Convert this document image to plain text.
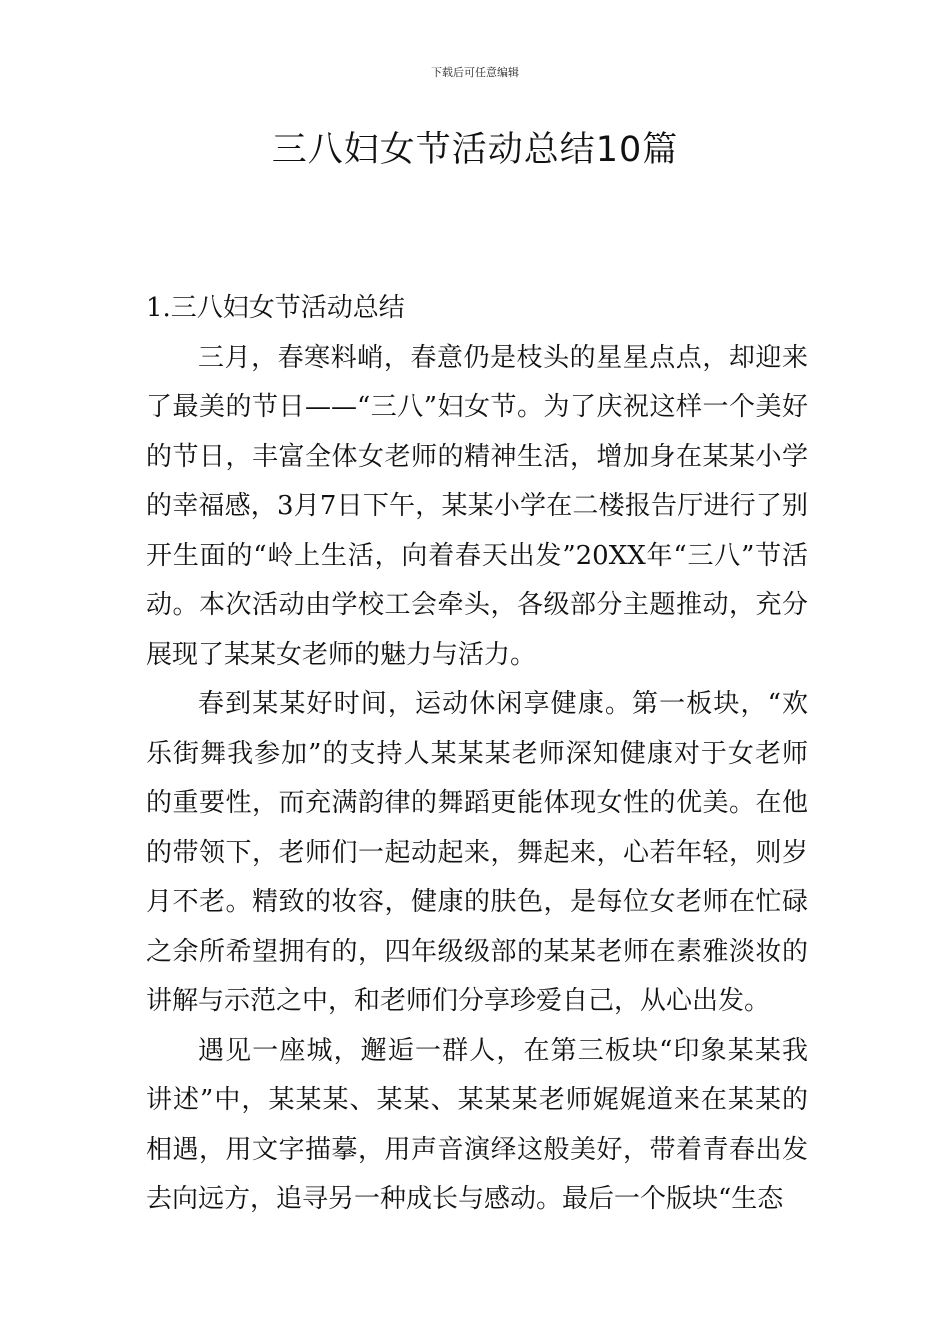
下载后可任意编辑
三八妇女节活动总结10篇

1.三八妇女节活动总结

三月，春寒料峭，春意仍是枝头的星星点点，却迎来了最美的节日——“三八”妇女节。为了庆祝这样一个美好的节日，丰富全体女老师的精神生活，增加身在某某小学的幸福感，3月7日下午，某某小学在二楼报告厅进行了别开生面的“岭上生活，向着春天出发”20XX年“三八”节活动。本次活动由学校工会牵头，各级部分主题推动，充分展现了某某女老师的魅力与活力。

春到某某好时间，运动休闲享健康。第一板块，“欢乐街舞我参加”的支持人某某某老师深知健康对于女老师的重要性，而充满韵律的舞蹈更能体现女性的优美。在他的带领下，老师们一起动起来，舞起来，心若年轻，则岁月不老。精致的妆容，健康的肤色，是每位女老师在忙碌之余所希望拥有的，四年级级部的某某老师在素雅淡妆的讲解与示范之中，和老师们分享珍爱自己，从心出发。

遇见一座城，邂逅一群人，在第三板块“印象某某我讲述”中，某某某、某某、某某某老师娓娓道来在某某的相遇，用文字描摹，用声音演绎这般美好，带着青春出发去向远方，追寻另一种成长与感动。最后一个版块“生态
